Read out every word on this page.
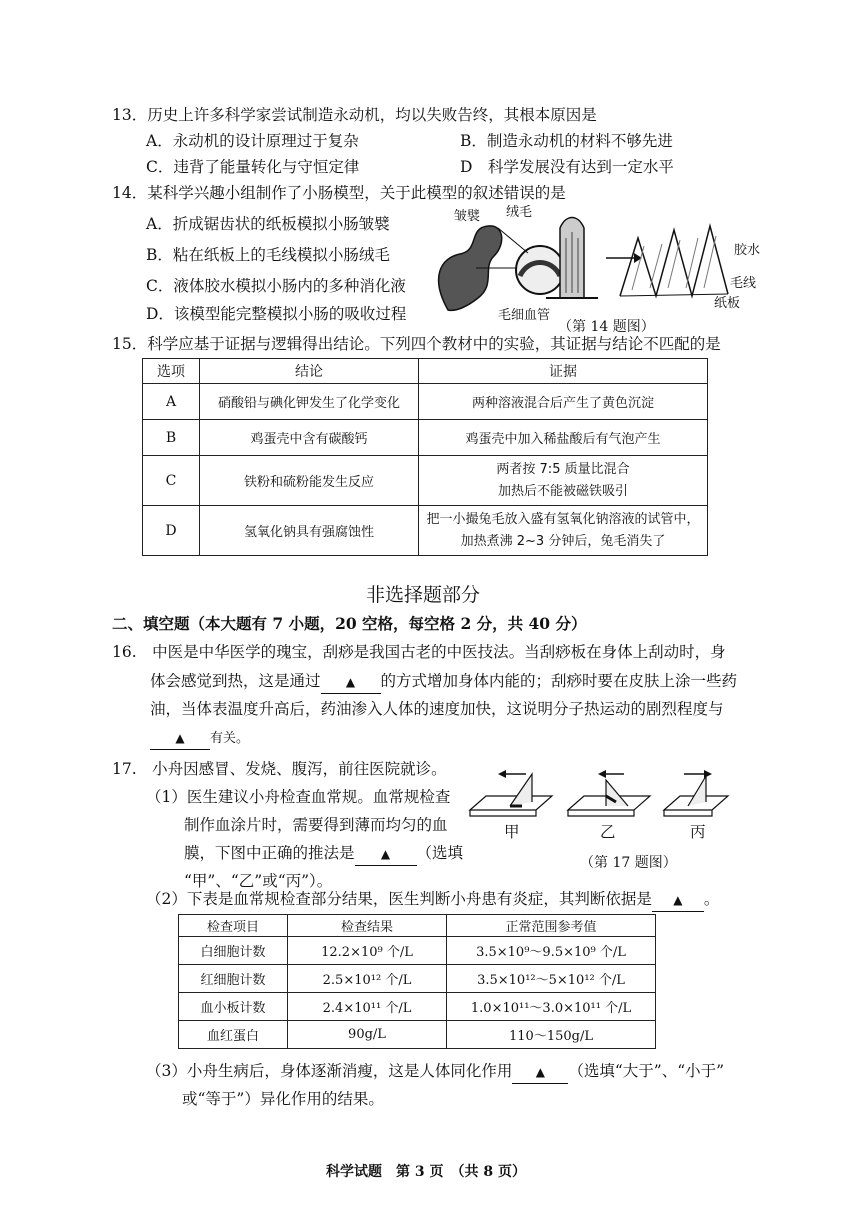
13．历史上许多科学家尝试制造永动机，均以失败告终，其根本原因是
A．永动机的设计原理过于复杂	B．制造永动机的材料不够先进
C．违背了能量转化与守恒定律	D　科学发展没有达到一定水平
14．某科学兴趣小组制作了小肠模型，关于此模型的叙述错误的是
A．折成锯齿状的纸板模拟小肠皱襞
B．粘在纸板上的毛线模拟小肠绒毛
C．液体胶水模拟小肠内的多种消化液
D．该模型能完整模拟小肠的吸收过程
皱襞 绒毛
毛细血管
胶水
毛线
纸板
（第 14 题图）
15．科学应基于证据与逻辑得出结论。下列四个教材中的实验，其证据与结论不匹配的是
选项	结论	证据
A	硝酸铅与碘化钾发生了化学变化	两种溶液混合后产生了黄色沉淀
B	鸡蛋壳中含有碳酸钙	鸡蛋壳中加入稀盐酸后有气泡产生
C	铁粉和硫粉能发生反应	两者按 7:5 质量比混合
加热后不能被磁铁吸引

D	氢氧化钠具有强腐蚀性	把一小撮兔毛放入盛有氢氧化钠溶液的试管中，
加热煮沸 2~3 分钟后，兔毛消失了
非选择题部分
二、填空题（本大题有 7 小题，20 空格，每空格 2 分，共 40 分）
16.　中医是中华医学的瑰宝，刮痧是我国古老的中医技法。当刮痧板在身体上刮动时，身
体会感觉到热，这是通过 ▲ 的方式增加身体内能的；刮痧时要在皮肤上涂一些药
油，当体表温度升高后，药油渗入人体的速度加快，这说明分子热运动的剧烈程度与
▲ 有关。
17.　小舟因感冒、发烧、腹泻，前往医院就诊。
（1）医生建议小舟检查血常规。血常规检查
制作血涂片时，需要得到薄而均匀的血
膜，下图中正确的推法是 ▲ （选填
“甲”、“乙”或“丙”）。
甲	乙	丙
（第 17 题图）
（2）下表是血常规检查部分结果，医生判断小舟患有炎症，其判断依据是 ▲ 。
检查项目	检查结果	正常范围参考值
白细胞计数	12.2×10⁹ 个/L	3.5×10⁹～9.5×10⁹ 个/L
红细胞计数	2.5×10¹² 个/L	3.5×10¹²～5×10¹² 个/L
血小板计数	2.4×10¹¹ 个/L	1.0×10¹¹～3.0×10¹¹ 个/L
血红蛋白	90g/L	110～150g/L
（3）小舟生病后，身体逐渐消瘦，这是人体同化作用 ▲ （选填“大于”、“小于”
或“等于”）异化作用的结果。
科学试题　第 3 页　（共 8 页）
